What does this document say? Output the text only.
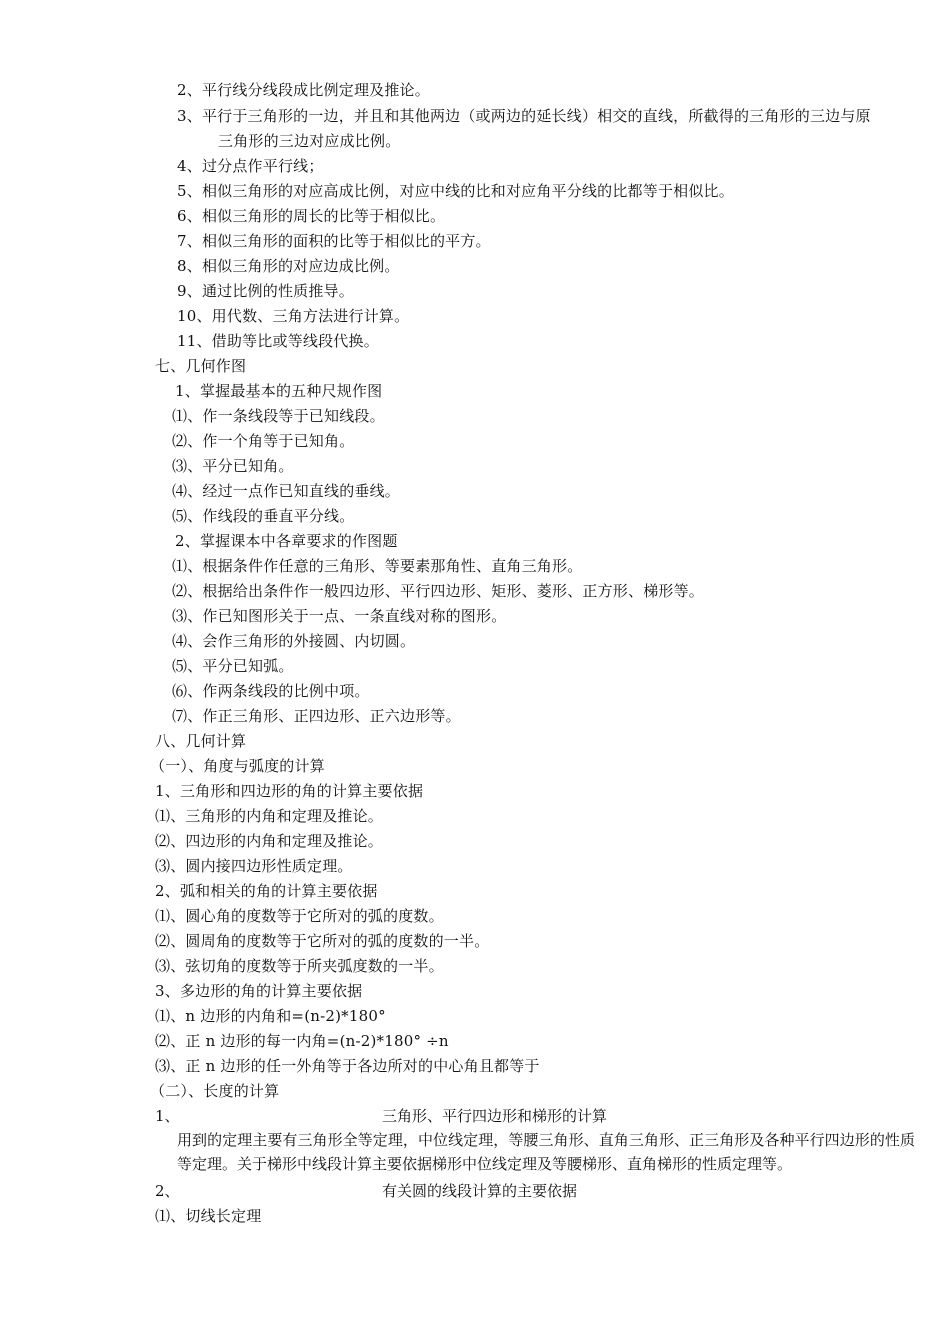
2、平行线分线段成比例定理及推论。
3、平行于三角形的一边，并且和其他两边（或两边的延长线）相交的直线，所截得的三角形的三边与原
三角形的三边对应成比例。
4、过分点作平行线；
5、相似三角形的对应高成比例，对应中线的比和对应角平分线的比都等于相似比。
6、相似三角形的周长的比等于相似比。
7、相似三角形的面积的比等于相似比的平方。
8、相似三角形的对应边成比例。
9、通过比例的性质推导。
10、用代数、三角方法进行计算。
11、借助等比或等线段代换。
七、几何作图
1、掌握最基本的五种尺规作图
⑴、作一条线段等于已知线段。
⑵、作一个角等于已知角。
⑶、平分已知角。
⑷、经过一点作已知直线的垂线。
⑸、作线段的垂直平分线。
2、掌握课本中各章要求的作图题
⑴、根据条件作任意的三角形、等要素那角性、直角三角形。
⑵、根据给出条件作一般四边形、平行四边形、矩形、菱形、正方形、梯形等。
⑶、作已知图形关于一点、一条直线对称的图形。
⑷、会作三角形的外接圆、内切圆。
⑸、平分已知弧。
⑹、作两条线段的比例中项。
⑺、作正三角形、正四边形、正六边形等。
八、几何计算
（一）、角度与弧度的计算
1、三角形和四边形的角的计算主要依据
⑴、三角形的内角和定理及推论。
⑵、四边形的内角和定理及推论。
⑶、圆内接四边形性质定理。
2、弧和相关的角的计算主要依据
⑴、圆心角的度数等于它所对的弧的度数。
⑵、圆周角的度数等于它所对的弧的度数的一半。
⑶、弦切角的度数等于所夹弧度数的一半。
3、多边形的角的计算主要依据
⑴、n 边形的内角和=(n-2)*180°
⑵、正 n 边形的每一内角=(n-2)*180° ÷n
⑶、正 n 边形的任一外角等于各边所对的中心角且都等于
（二）、长度的计算
1、	三角形、平行四边形和梯形的计算
用到的定理主要有三角形全等定理，中位线定理，等腰三角形、直角三角形、正三角形及各种平行四边形的性质等定理。关于梯形中线段计算主要依据梯形中位线定理及等腰梯形、直角梯形的性质定理等。
2、	有关圆的线段计算的主要依据
⑴、切线长定理
